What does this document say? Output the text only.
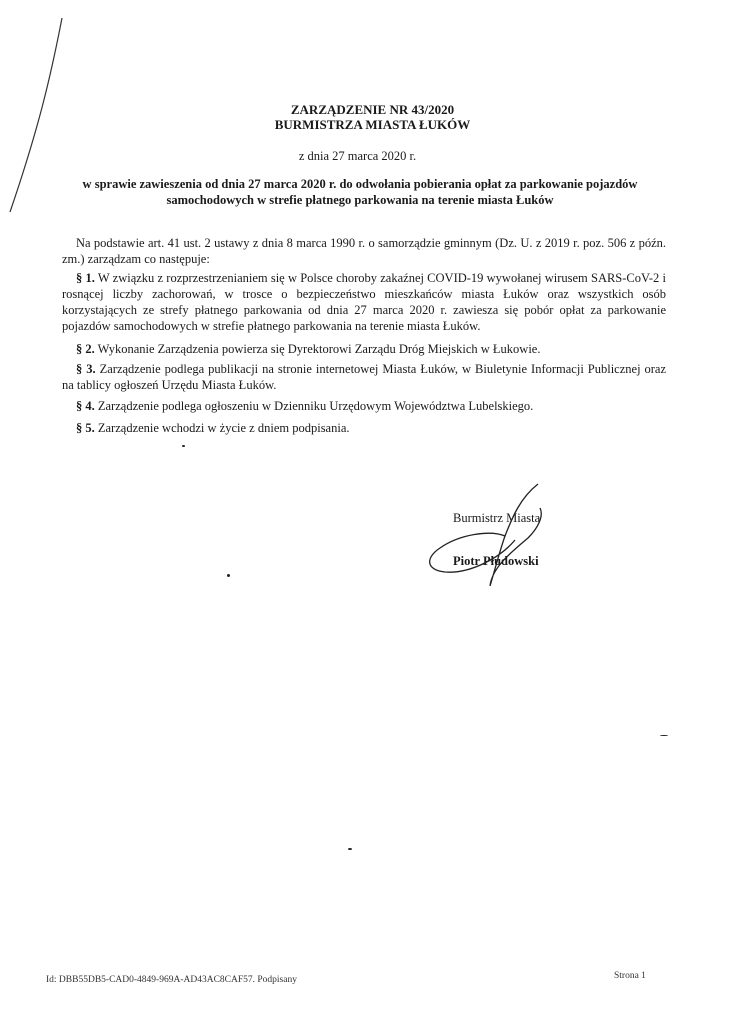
ZARZĄDZENIE NR 43/2020
BURMISTRZA MIASTA ŁUKÓW
z dnia 27 marca 2020 r.
w sprawie zawieszenia od dnia 27 marca 2020 r. do odwołania pobierania opłat za parkowanie pojazdów samochodowych w strefie płatnego parkowania na terenie miasta Łuków
Na podstawie art. 41 ust. 2 ustawy z dnia 8 marca 1990 r. o samorządzie gminnym (Dz. U. z 2019 r. poz. 506 z późn. zm.) zarządzam co następuje:
§ 1. W związku z rozprzestrzenianiem się w Polsce choroby zakaźnej COVID-19 wywołanej wirusem SARS-CoV-2 i rosnącej liczby zachorowań, w trosce o bezpieczeństwo mieszkańców miasta Łuków oraz wszystkich osób korzystających ze strefy płatnego parkowania od dnia 27 marca 2020 r. zawiesza się pobór opłat za parkowanie pojazdów samochodowych w strefie płatnego parkowania na terenie miasta Łuków.
§ 2. Wykonanie Zarządzenia powierza się Dyrektorowi Zarządu Dróg Miejskich w Łukowie.
§ 3. Zarządzenie podlega publikacji na stronie internetowej Miasta Łuków, w Biuletynie Informacji Publicznej oraz na tablicy ogłoszeń Urzędu Miasta Łuków.
§ 4. Zarządzenie podlega ogłoszeniu w Dzienniku Urzędowym Województwa Lubelskiego.
§ 5. Zarządzenie wchodzi w życie z dniem podpisania.
Burmistrz Miasta
Piotr Płudowski
Id: DBB55DB5-CAD0-4849-969A-AD43AC8CAF57. Podpisany	Strona 1
